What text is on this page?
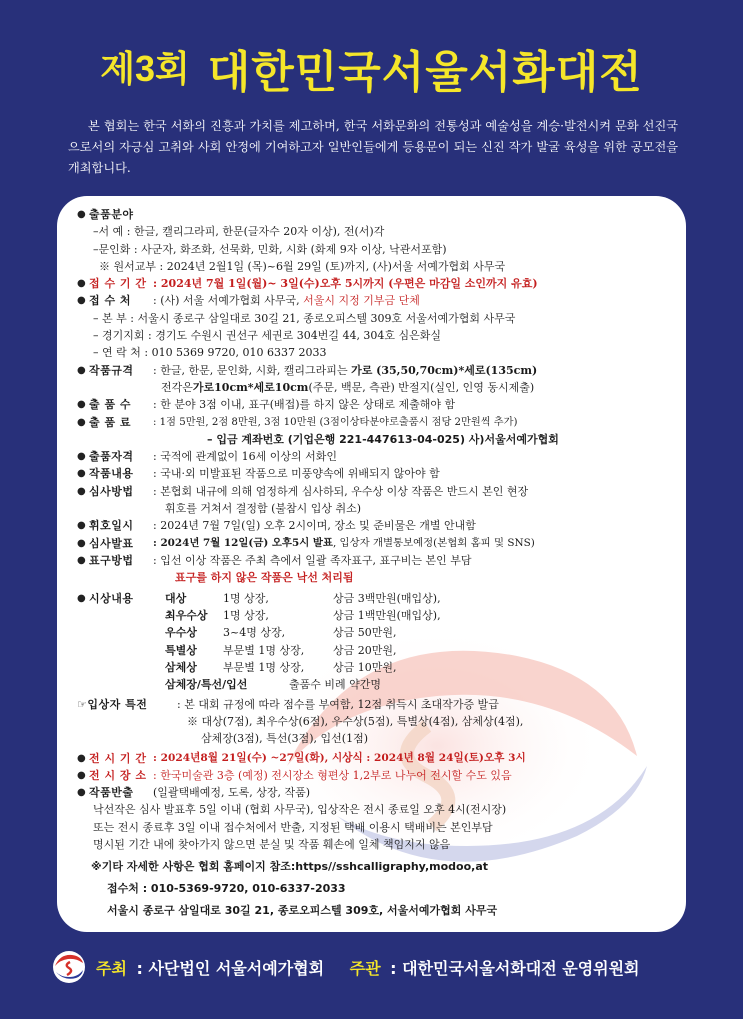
제3회 대한민국서울서화대전

본 협회는 한국 서화의 진흥과 가치를 제고하며, 한국 서화문화의 전통성과 예술성을 계승·발전시켜 문화 선진국으로서의 자긍심 고취와 사회 안정에 기여하고자 일반인들에게 등용문이 되는 신진 작가 발굴 육성을 위한 공모전을 개최합니다.

● 출품분야
–서 예 : 한글, 캘리그라피, 한문(글자수 20자 이상), 전(서)각
–문인화 : 사군자, 화조화, 선묵화, 민화, 시화 (화제 9자 이상, 낙관서포함)
※ 원서교부 : 2024년 2월1일 (목)~6월 29일 (토)까지, (사)서울 서예가협회 사무국
● 접 수 기 간 : 2024년 7월 1일(월)~ 3일(수)오후 5시까지 (우편은 마감일 소인까지 유효)
● 접 수 처	: (사) 서울 서예가협회 사무국, 서울시 지정 기부금 단체
– 본 부 : 서울시 종로구 삼일대로 30길 21, 종로오피스텔 309호 서울서예가협회 사무국
– 경기지회 : 경기도 수원시 권선구 세권로 304번길 44, 304호 심은화실
– 연 락 처 : 010 5369 9720, 010 6337 2033
● 작품규격	: 한글, 한문, 문인화, 시화, 캘리그라피는 가로 (35,50,70cm)*세로(135cm)
전각은 가로10cm*세로10cm (주문, 백문, 측관) 반절지(실인, 인영 동시제출)
● 출 품 수	: 한 분야 3점 이내, 표구(배접)를 하지 않은 상태로 제출해야 함
● 출 품 료	: 1점 5만원, 2점 8만원, 3점 10만원 (3점이상타분야로출품시 점당 2만원씩 추가)
– 입금 계좌번호 (기업은행 221-447613-04-025) 사)서울서예가협회
● 출품자격	: 국적에 관계없이 16세 이상의 서화인
● 작품내용	: 국내·외 미발표된 작품으로 미풍양속에 위배되지 않아야 함
● 심사방법	: 본협회 내규에 의해 엄정하게 심사하되, 우수상 이상 작품은 반드시 본인 현장
휘호를 거쳐서 결정함 (불참시 입상 취소)
● 휘호일시	: 2024년 7월 7일(일) 오후 2시이며, 장소 및 준비물은 개별 안내함
● 심사발표	: 2024년 7월 12일(금) 오후5시 발표, 입상자 개별통보예정(본협회 홈피 및 SNS)
● 표구방법	: 입선 이상 작품은 주최 측에서 일괄 족자표구, 표구비는 본인 부담
표구를 하지 않은 작품은 낙선 처리됨
● 시상내용	대상	1명 상장,	상금 3백만원(매입상),
최우수상	1명 상장,	상금 1백만원(매입상),
우수상	3~4명 상장,	상금 50만원,
특별상	부문별 1명 상장,	상금 20만원,
삼체상	부문별 1명 상장,	상금 10만원,
삼체장/특선/입선	출품수 비례 약간명
☞입상자 특전	: 본 대회 규정에 따라 점수를 부여함, 12점 취득시 초대작가증 발급
※ 대상(7점), 최우수상(6점), 우수상(5점), 특별상(4점), 삼체상(4점),
삼체장(3점), 특선(3점), 입선(1점)
● 전 시 기 간 : 2024년8월 21일(수) ~27일(화), 시상식 : 2024년 8월 24일(토)오후 3시
● 전 시 장 소 : 한국미술관 3층 (예정) 전시장소 형편상 1,2부로 나누어 전시할 수도 있음
● 작품반출	(일괄택배예정, 도록, 상장, 작품)
낙선작은 심사 발표후 5일 이내 (협회 사무국), 입상작은 전시 종료일 오후 4시(전시장)
또는 전시 종료후 3일 이내 접수처에서 반출, 지정된 택배 이용시 택배비는 본인부담
명시된 기간 내에 찾아가지 않으면 분실 및 작품 훼손에 일체 책임지지 않음
※기타 자세한 사항은 협회 홈페이지 참조:https//sshcalligraphy,modoo,at
접수처 : 010-5369-9720, 010-6337-2033
서울시 종로구 삼일대로 30길 21, 종로오피스텔 309호, 서울서예가협회 사무국
주최 : 사단법인 서울서예가협회 주관 : 대한민국서울서화대전 운영위원회
